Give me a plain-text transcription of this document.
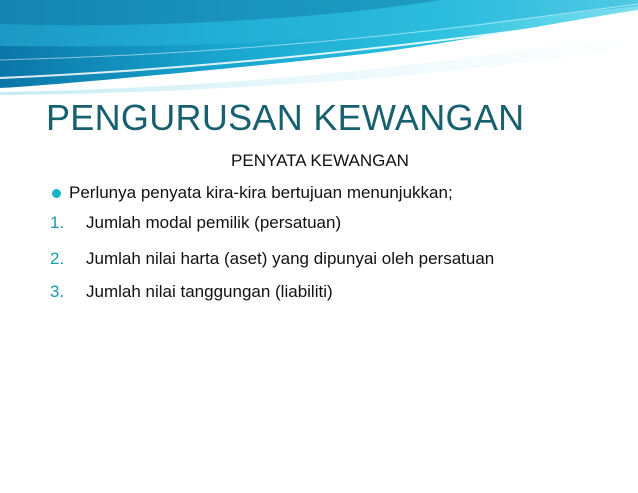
PENGURUSAN KEWANGAN
PENYATA KEWANGAN
Perlunya penyata kira-kira bertujuan menunjukkan;
1. Jumlah modal pemilik (persatuan)
2. Jumlah nilai harta (aset) yang dipunyai oleh persatuan
3. Jumlah nilai tanggungan (liabiliti)
